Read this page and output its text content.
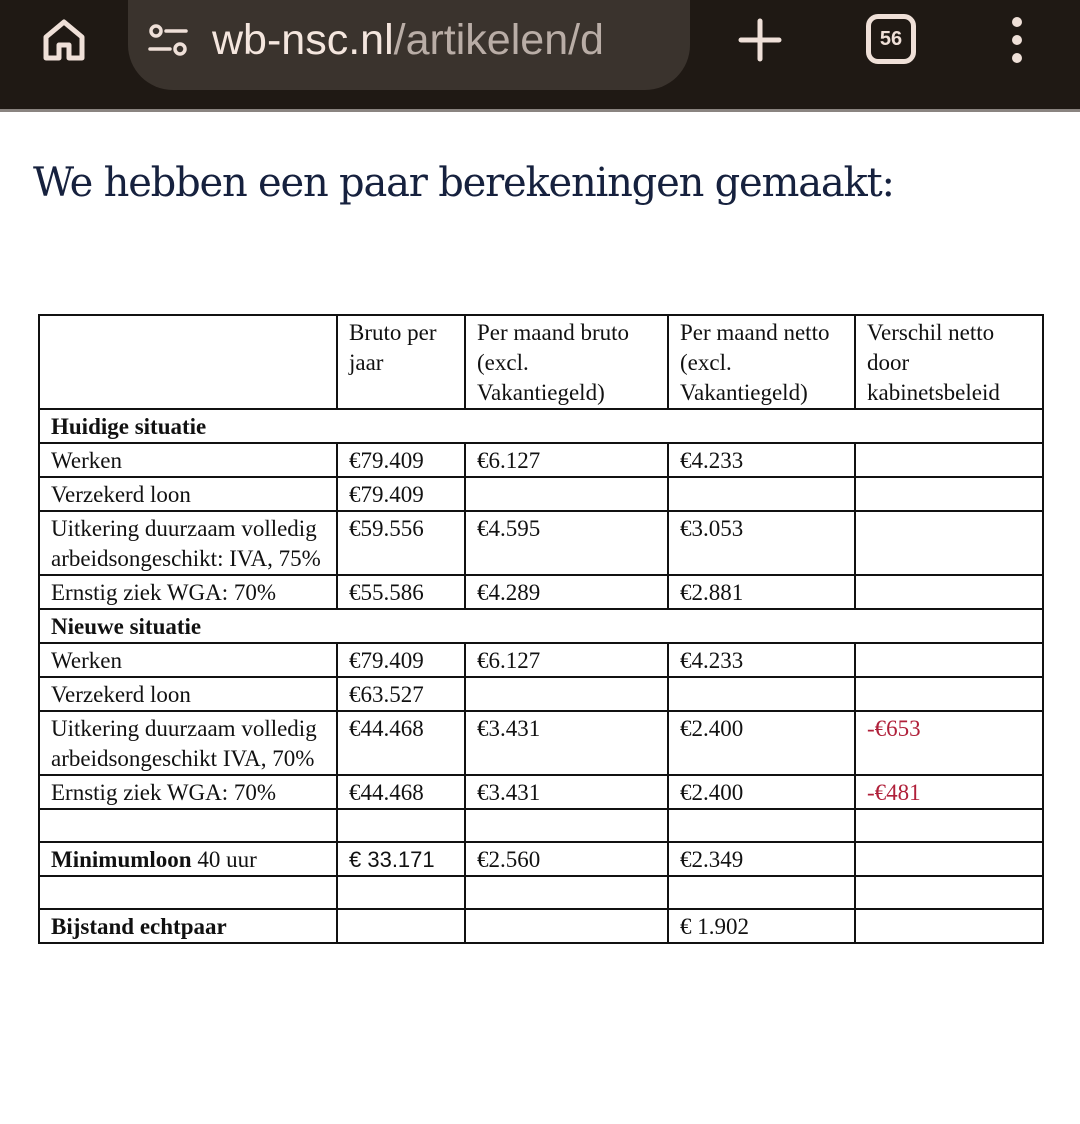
wb-nsc.nl/artikelen/d	56
We hebben een paar berekeningen gemaakt:
	Bruto per jaar	Per maand bruto (excl. Vakantiegeld)	Per maand netto (excl. Vakantiegeld)	Verschil netto door kabinetsbeleid
Huidige situatie				
Werken	€79.409	€6.127	€4.233	
Verzekerd loon	€79.409			
Uitkering duurzaam volledig arbeidsongeschikt: IVA, 75%	€59.556	€4.595	€3.053	
Ernstig ziek WGA: 70%	€55.586	€4.289	€2.881	
Nieuwe situatie				
Werken	€79.409	€6.127	€4.233	
Verzekerd loon	€63.527			
Uitkering duurzaam volledig arbeidsongeschikt IVA, 70%	€44.468	€3.431	€2.400	-€653
Ernstig ziek WGA: 70%	€44.468	€3.431	€2.400	-€481

Minimumloon 40 uur	€ 33.171	€2.560	€2.349	

Bijstand echtpaar			€ 1.902	
